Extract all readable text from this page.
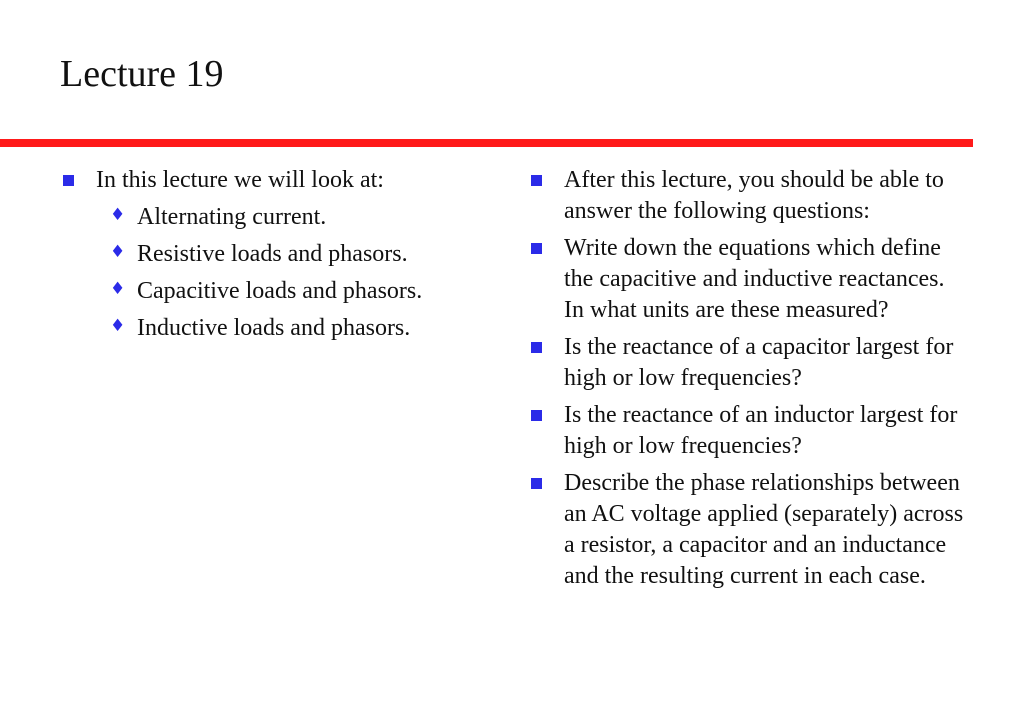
Lecture 19
In this lecture we will look at:
♦ Alternating current.
♦ Resistive loads and phasors.
♦ Capacitive loads and phasors.
♦ Inductive loads and phasors.
After this lecture, you should be able to answer the following questions:
Write down the equations which define the capacitive and inductive reactances. In what units are these measured?
Is the reactance of a capacitor largest for high or low frequencies?
Is the reactance of an inductor largest for high or low frequencies?
Describe the phase relationships between an AC voltage applied (separately) across a resistor, a capacitor and an inductance and the resulting current in each case.
